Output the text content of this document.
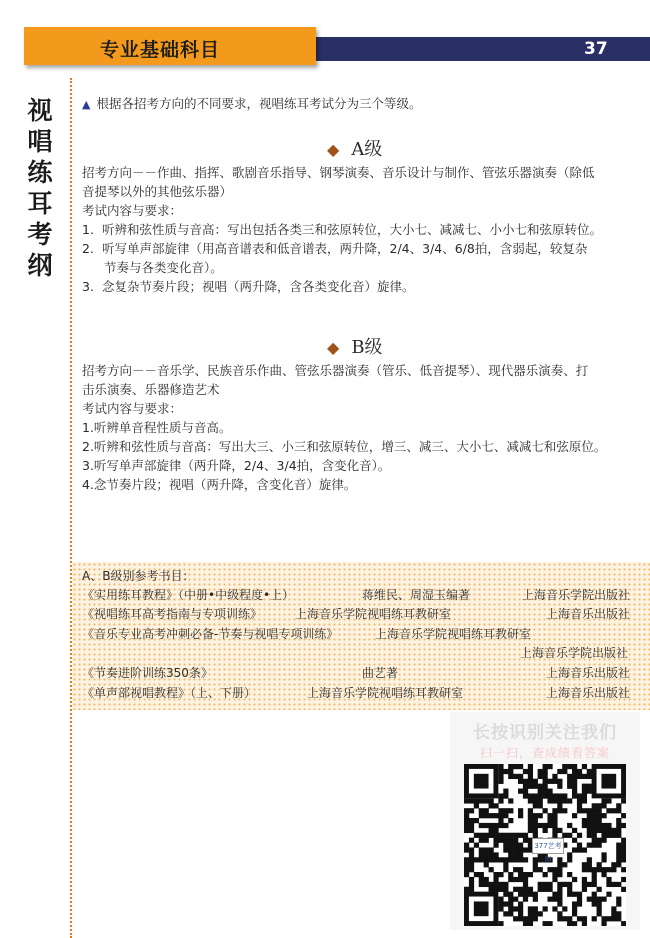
专业基础科目	37
视
唱
练
耳
考
纲
▲ 根据各招考方向的不同要求，视唱练耳考试分为三个等级。
◆ A级

招考方向－－作曲、指挥、歌剧音乐指导、钢琴演奏、音乐设计与制作、管弦乐器演奏（除低

音提琴以外的其他弦乐器）

考试内容与要求：

1. 听辨和弦性质与音高：写出包括各类三和弦原转位，大小七、减减七、小小七和弦原转位。
2. 听写单声部旋律（用高音谱表和低音谱表，两升降，2/4、3/4、6/8拍，含弱起，较复杂
节奏与各类变化音）。
3. 念复杂节奏片段；视唱（两升降，含各类变化音）旋律。
◆ B级

招考方向－－音乐学、民族音乐作曲、管弦乐器演奏（管乐、低音提琴）、现代器乐演奏、打

击乐演奏、乐器修造艺术

考试内容与要求：

1.听辨单音程性质与音高。

2.听辨和弦性质与音高：写出大三、小三和弦原转位，增三、减三、大小七、减减七和弦原位。

3.听写单声部旋律（两升降，2/4、3/4拍，含变化音）。

4.念节奏片段；视唱（两升降，含变化音）旋律。

A、B级别参考书目：
《实用练耳教程》（中册•中级程度•上）	蒋维民、周湿玉编著	上海音乐学院出版社
《视唱练耳高考指南与专项训练》	上海音乐学院视唱练耳教研室	上海音乐出版社
《音乐专业高考冲刺必备-节奏与视唱专项训练》	上海音乐学院视唱练耳教研室
上海音乐学院出版社
《节奏进阶训练350条》	曲艺著	上海音乐出版社
《单声部视唱教程》（上、下册）	上海音乐学院视唱练耳教研室	上海音乐出版社
长按识别关注我们
扫一扫，查成绩看答案
377艺考网
